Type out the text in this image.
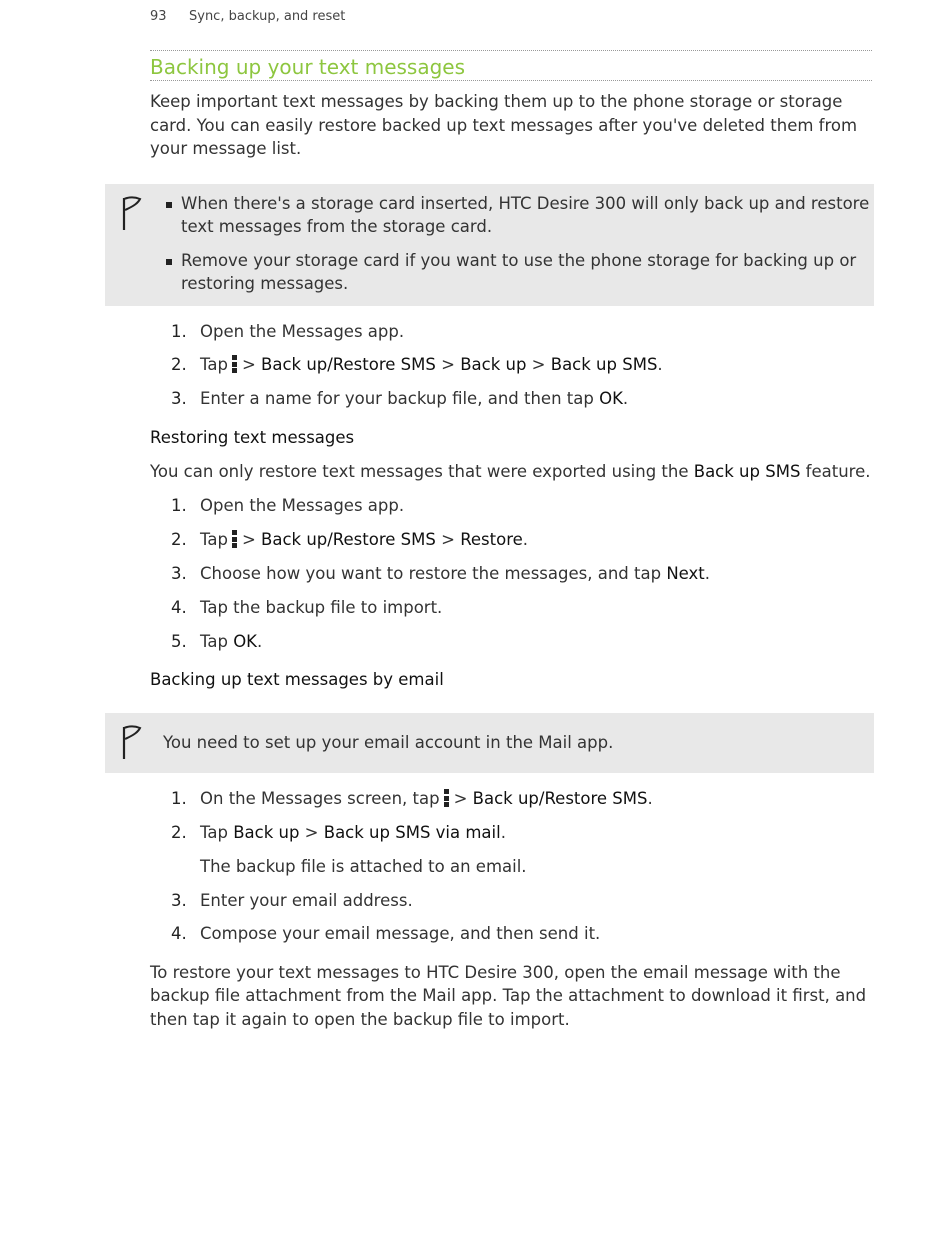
93 Sync, backup, and reset
Backing up your text messages

Keep important text messages by backing them up to the phone storage or storage card. You can easily restore backed up text messages after you've deleted them from your message list.

When there's a storage card inserted, HTC Desire 300 will only back up and restore text messages from the storage card.
Remove your storage card if you want to use the phone storage for backing up or restoring messages.
1. Open the Messages app.
2. Tap > Back up/Restore SMS > Back up > Back up SMS.
3. Enter a name for your backup file, and then tap OK.
Restoring text messages

You can only restore text messages that were exported using the Back up SMS feature.

1. Open the Messages app.
2. Tap > Back up/Restore SMS > Restore.
3. Choose how you want to restore the messages, and tap Next.
4. Tap the backup file to import.
5. Tap OK.
Backing up text messages by email
You need to set up your email account in the Mail app.
1. On the Messages screen, tap > Back up/Restore SMS.
2. Tap Back up > Back up SMS via mail.
The backup file is attached to an email.
3. Enter your email address.
4. Compose your email message, and then send it.

To restore your text messages to HTC Desire 300, open the email message with the backup file attachment from the Mail app. Tap the attachment to download it first, and then tap it again to open the backup file to import.
